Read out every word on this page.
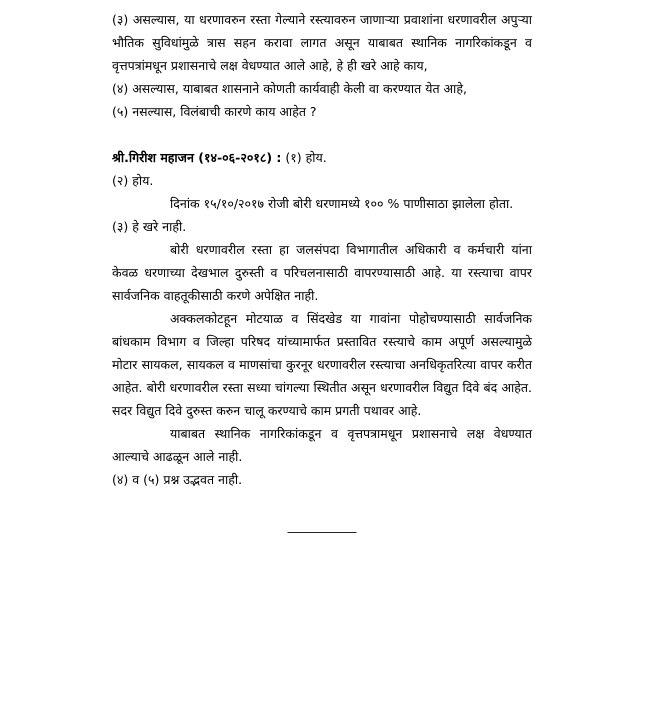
(३) असल्यास, या धरणावरुन रस्ता गेल्याने रस्त्यावरुन जाणाऱ्या प्रवाशांना धरणावरील अपुऱ्या भौतिक सुविधांमुळे त्रास सहन करावा लागत असून याबाबत स्थानिक नागरिकांकडून व वृत्तपत्रांमधून प्रशासनाचे लक्ष वेधण्यात आले आहे, हे ही खरे आहे काय,

(४) असल्यास, याबाबत शासनाने कोणती कार्यवाही केली वा करण्यात येत आहे,

(५) नसल्यास, विलंबाची कारणे काय आहेत ?

श्री.गिरीश महाजन (१४-०६-२०१८) : (१) होय.

(२) होय.

दिनांक १५/१०/२०१७ रोजी बोरी धरणामध्ये १०० % पाणीसाठा झालेला होता.

(३) हे खरे नाही.

बोरी धरणावरील रस्ता हा जलसंपदा विभागातील अधिकारी व कर्मचारी यांना केवळ धरणाच्या देखभाल दुरुस्ती व परिचलनासाठी वापरण्यासाठी आहे. या रस्त्याचा वापर सार्वजनिक वाहतूकीसाठी करणे अपेक्षित नाही.

अक्कलकोटहून मोटयाळ व सिंदखेड या गावांना पोहोचण्यासाठी सार्वजनिक बांधकाम विभाग व जिल्हा परिषद यांच्यामार्फत प्रस्तावित रस्त्याचे काम अपूर्ण असल्यामुळे मोटार सायकल, सायकल व माणसांचा कुरनूर धरणावरील रस्त्याचा अनधिकृतरित्या वापर करीत आहेत. बोरी धरणावरील रस्ता सध्या चांगल्या स्थितीत असून धरणावरील विद्युत दिवे बंद आहेत. सदर विद्युत दिवे दुरुस्त करुन चालू करण्याचे काम प्रगती पथावर आहे.

याबाबत स्थानिक नागरिकांकडून व वृत्तपत्रामधून प्रशासनाचे लक्ष वेधण्यात आल्याचे आढळून आले नाही.

(४) व (५) प्रश्न उद्भवत नाही.

___________
